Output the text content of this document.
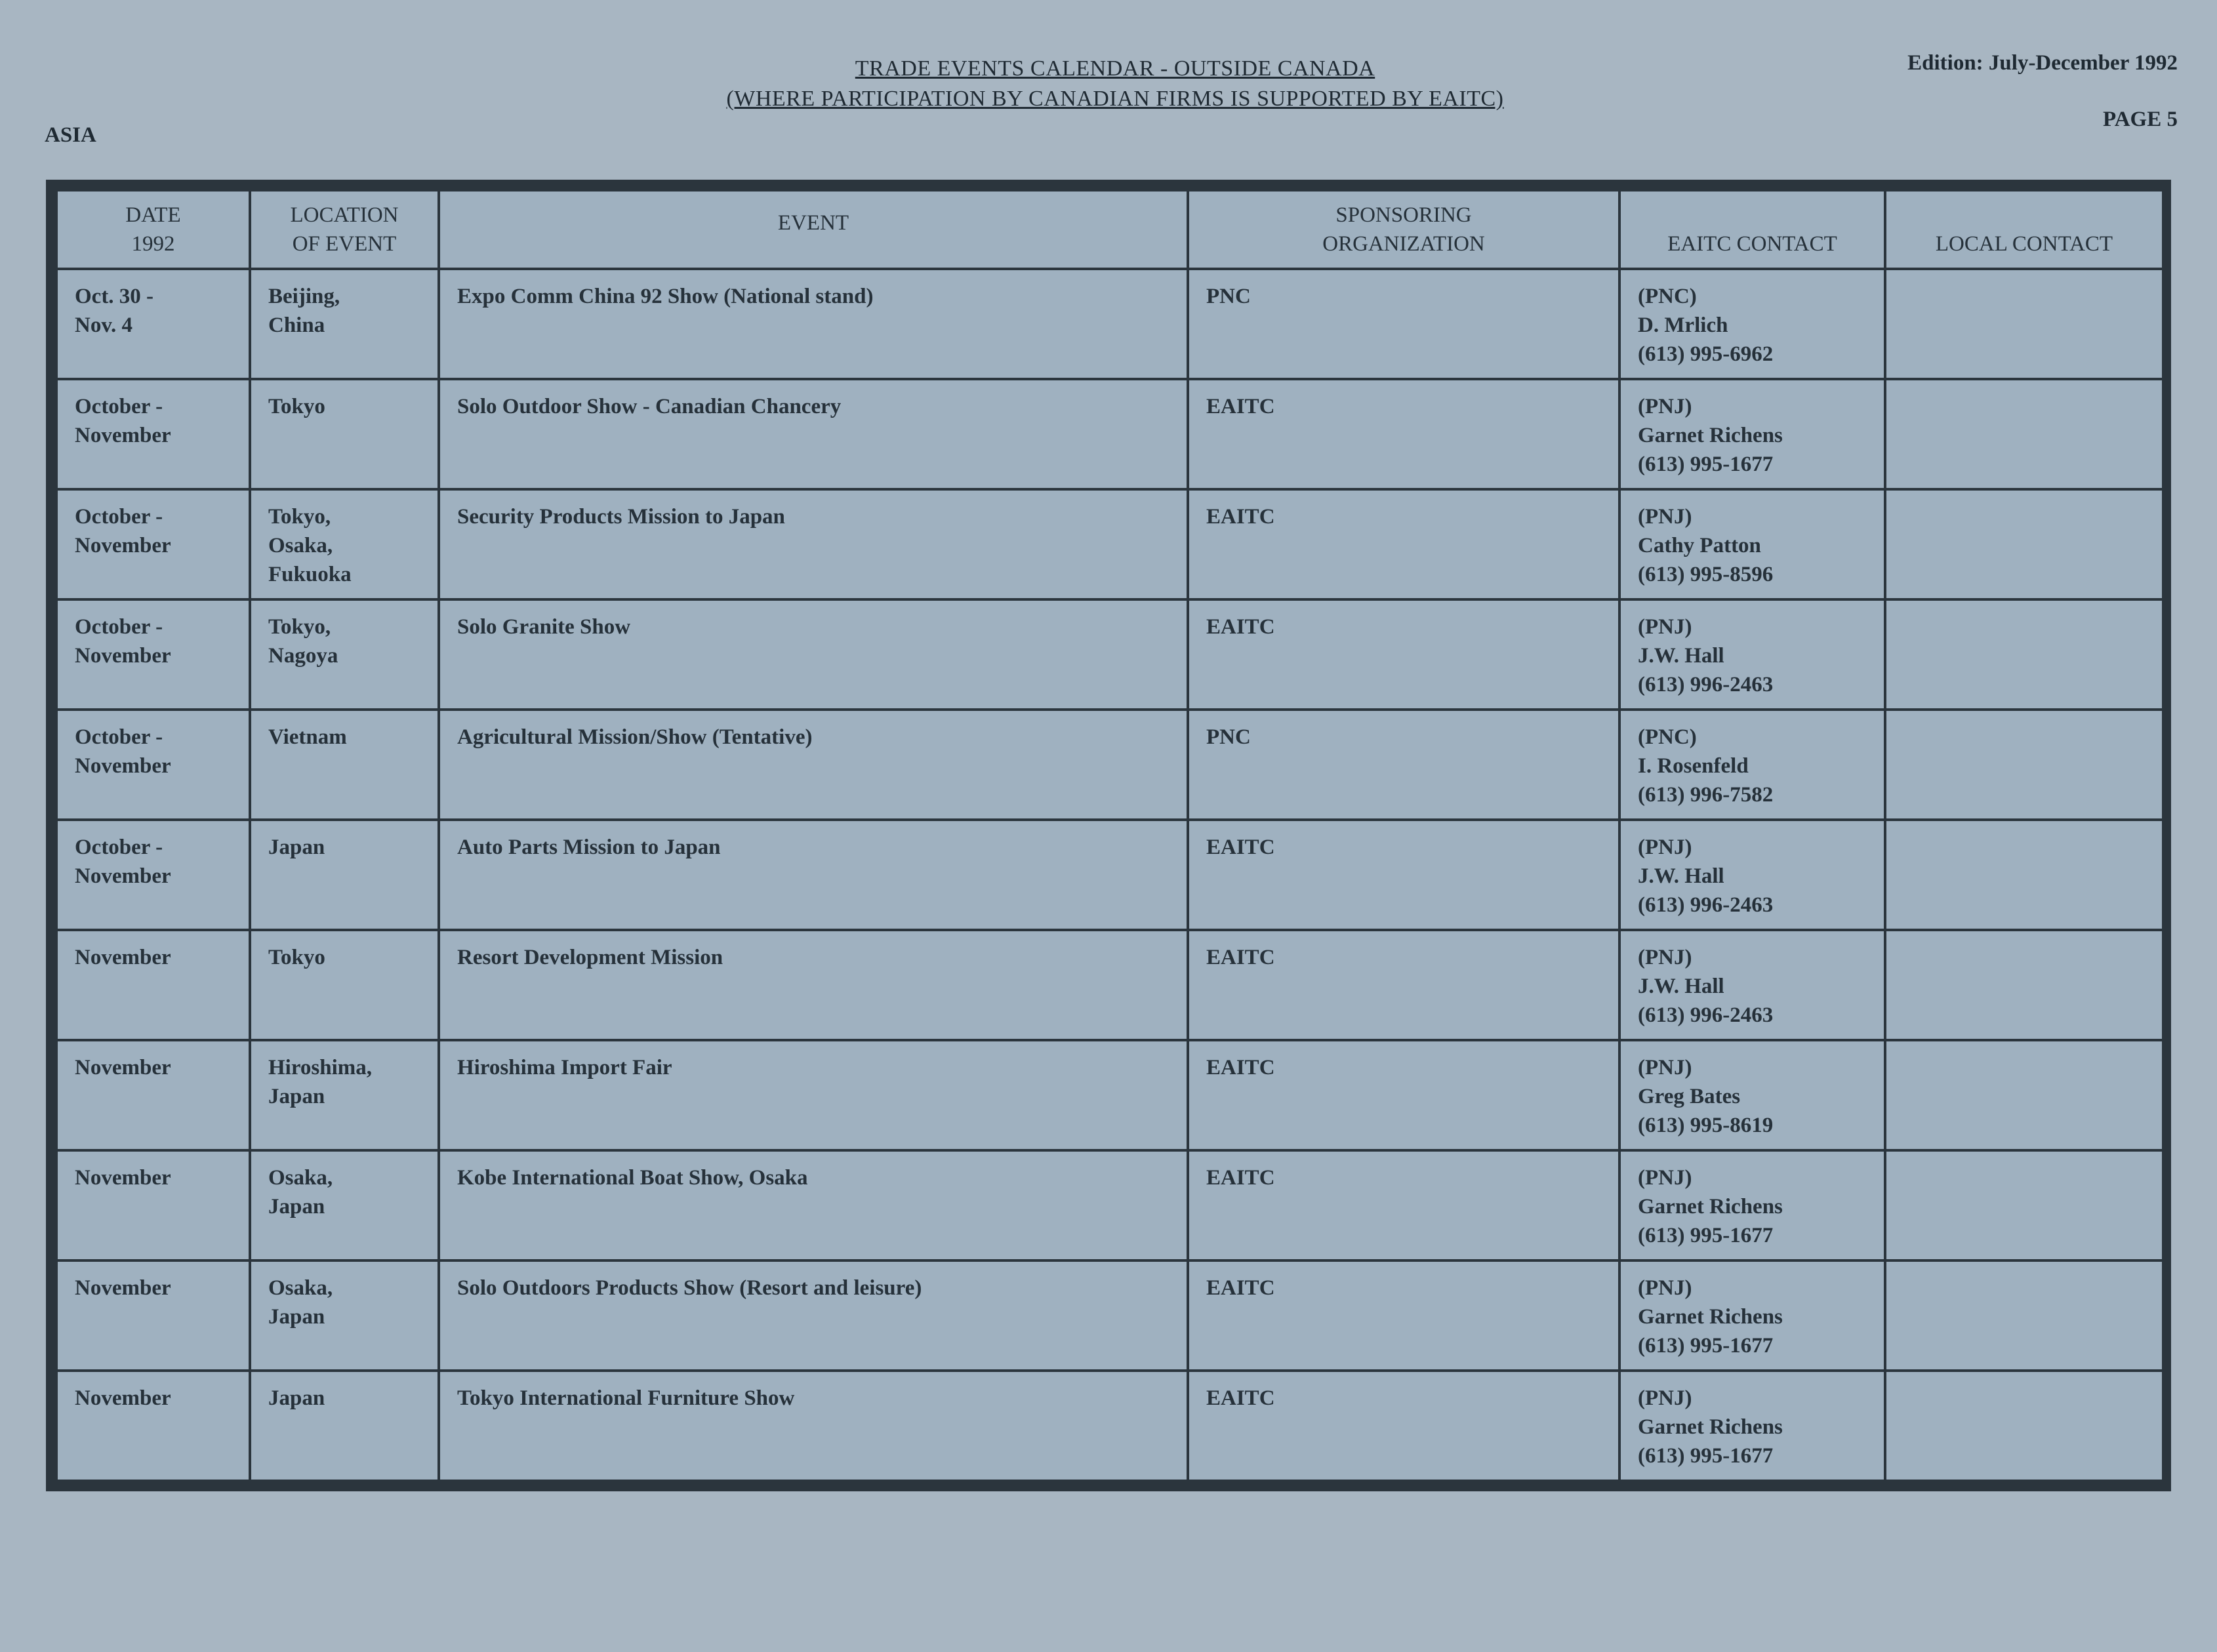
TRADE EVENTS CALENDAR - OUTSIDE CANADA
(WHERE PARTICIPATION BY CANADIAN FIRMS IS SUPPORTED BY EAITC)
Edition: July-December 1992
PAGE 5
ASIA
DATE
1992	LOCATION
OF EVENT	EVENT	SPONSORING
ORGANIZATION	EAITC CONTACT	LOCAL CONTACT
Oct. 30 -
Nov. 4	Beijing,
China	Expo Comm China 92 Show (National stand)	PNC	(PNC)
D. Mrlich
(613) 995-6962	
October -
November	Tokyo	Solo Outdoor Show - Canadian Chancery	EAITC	(PNJ)
Garnet Richens
(613) 995-1677	
October -
November	Tokyo,
Osaka,
Fukuoka	Security Products Mission to Japan	EAITC	(PNJ)
Cathy Patton
(613) 995-8596	
October -
November	Tokyo,
Nagoya	Solo Granite Show	EAITC	(PNJ)
J.W. Hall
(613) 996-2463	
October -
November	Vietnam	Agricultural Mission/Show (Tentative)	PNC	(PNC)
I. Rosenfeld
(613) 996-7582	
October -
November	Japan	Auto Parts Mission to Japan	EAITC	(PNJ)
J.W. Hall
(613) 996-2463	
November	Tokyo	Resort Development Mission	EAITC	(PNJ)
J.W. Hall
(613) 996-2463	
November	Hiroshima,
Japan	Hiroshima Import Fair	EAITC	(PNJ)
Greg Bates
(613) 995-8619	
November	Osaka,
Japan	Kobe International Boat Show, Osaka	EAITC	(PNJ)
Garnet Richens
(613) 995-1677	
November	Osaka,
Japan	Solo Outdoors Products Show (Resort and leisure)	EAITC	(PNJ)
Garnet Richens
(613) 995-1677	
November	Japan	Tokyo International Furniture Show	EAITC	(PNJ)
Garnet Richens
(613) 995-1677	
